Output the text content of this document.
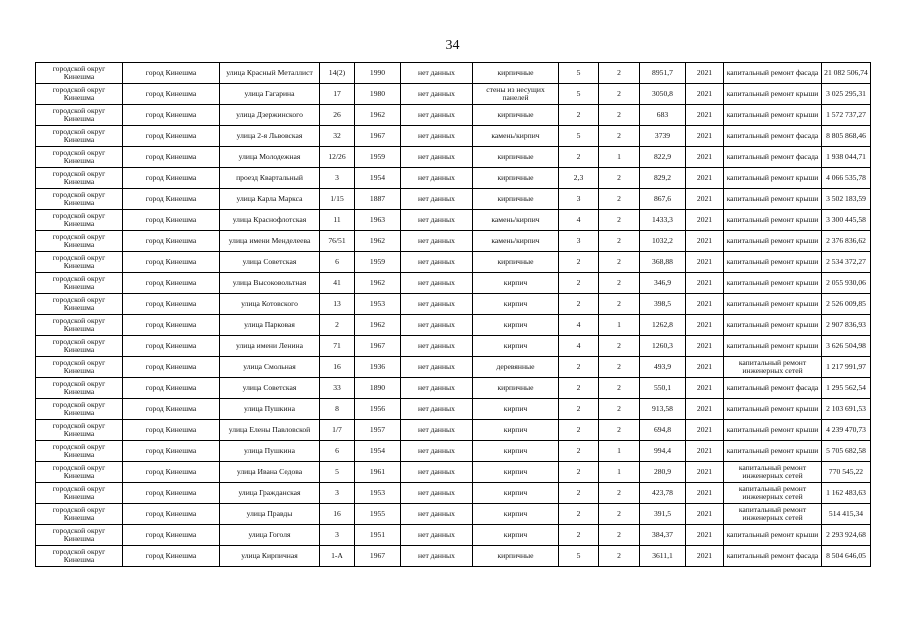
34
городской округ Кинешма	город Кинешма	улица Красный Металлист	14(2)	1990	нет данных	кирпичные	5	2	8951,7	2021	капитальный ремонт фасада	21 082 506,74
городской округ Кинешма	город Кинешма	улица Гагарина	17	1980	нет данных	стены из несущих панелей	5	2	3050,8	2021	капитальный ремонт крыши	3 025 295,31
городской округ Кинешма	город Кинешма	улица Дзержинского	26	1962	нет данных	кирпичные	2	2	683	2021	капитальный ремонт крыши	1 572 737,27
городской округ Кинешма	город Кинешма	улица 2-я Львовская	32	1967	нет данных	камень/кирпич	5	2	3739	2021	капитальный ремонт фасада	8 805 868,46
городской округ Кинешма	город Кинешма	улица Молодежная	12/26	1959	нет данных	кирпичные	2	1	822,9	2021	капитальный ремонт фасада	1 938 044,71
городской округ Кинешма	город Кинешма	проезд Квартальный	3	1954	нет данных	кирпичные	2,3	2	829,2	2021	капитальный ремонт крыши	4 066 535,78
городской округ Кинешма	город Кинешма	улица Карла Маркса	1/15	1887	нет данных	кирпичные	3	2	867,6	2021	капитальный ремонт крыши	3 502 183,59
городской округ Кинешма	город Кинешма	улица Краснофлотская	11	1963	нет данных	камень/кирпич	4	2	1433,3	2021	капитальный ремонт крыши	3 300 445,58
городской округ Кинешма	город Кинешма	улица имени Менделеева	76/51	1962	нет данных	камень/кирпич	3	2	1032,2	2021	капитальный ремонт крыши	2 376 836,62
городской округ Кинешма	город Кинешма	улица Советская	6	1959	нет данных	кирпичные	2	2	368,88	2021	капитальный ремонт крыши	2 534 372,27
городской округ Кинешма	город Кинешма	улица Высоковольтная	41	1962	нет данных	кирпич	2	2	346,9	2021	капитальный ремонт крыши	2 055 930,06
городской округ Кинешма	город Кинешма	улица Котовского	13	1953	нет данных	кирпич	2	2	398,5	2021	капитальный ремонт крыши	2 526 009,85
городской округ Кинешма	город Кинешма	улица Парковая	2	1962	нет данных	кирпич	4	1	1262,8	2021	капитальный ремонт крыши	2 907 836,93
городской округ Кинешма	город Кинешма	улица имени Ленина	71	1967	нет данных	кирпич	4	2	1260,3	2021	капитальный ремонт крыши	3 626 504,98
городской округ Кинешма	город Кинешма	улица Смольная	16	1936	нет данных	деревянные	2	2	493,9	2021	капитальный ремонт инженерных сетей	1 217 991,97
городской округ Кинешма	город Кинешма	улица Советская	33	1890	нет данных	кирпичные	2	2	550,1	2021	капитальный ремонт фасада	1 295 562,54
городской округ Кинешма	город Кинешма	улица Пушкина	8	1956	нет данных	кирпич	2	2	913,58	2021	капитальный ремонт крыши	2 103 691,53
городской округ Кинешма	город Кинешма	улица Елены Павловской	1/7	1957	нет данных	кирпич	2	2	694,8	2021	капитальный ремонт крыши	4 239 470,73
городской округ Кинешма	город Кинешма	улица Пушкина	6	1954	нет данных	кирпич	2	1	994,4	2021	капитальный ремонт крыши	5 705 682,58
городской округ Кинешма	город Кинешма	улица Ивана Седова	5	1961	нет данных	кирпич	2	1	280,9	2021	капитальный ремонт инженерных сетей	770 545,22
городской округ Кинешма	город Кинешма	улица Гражданская	3	1953	нет данных	кирпич	2	2	423,78	2021	капитальный ремонт инженерных сетей	1 162 483,63
городской округ Кинешма	город Кинешма	улица Правды	16	1955	нет данных	кирпич	2	2	391,5	2021	капитальный ремонт инженерных сетей	514 415,34
городской округ Кинешма	город Кинешма	улица Гоголя	3	1951	нет данных	кирпич	2	2	384,37	2021	капитальный ремонт крыши	2 293 924,68
городской округ Кинешма	город Кинешма	улица Кирпичная	1-А	1967	нет данных	кирпичные	5	2	3611,1	2021	капитальный ремонт фасада	8 504 646,05
